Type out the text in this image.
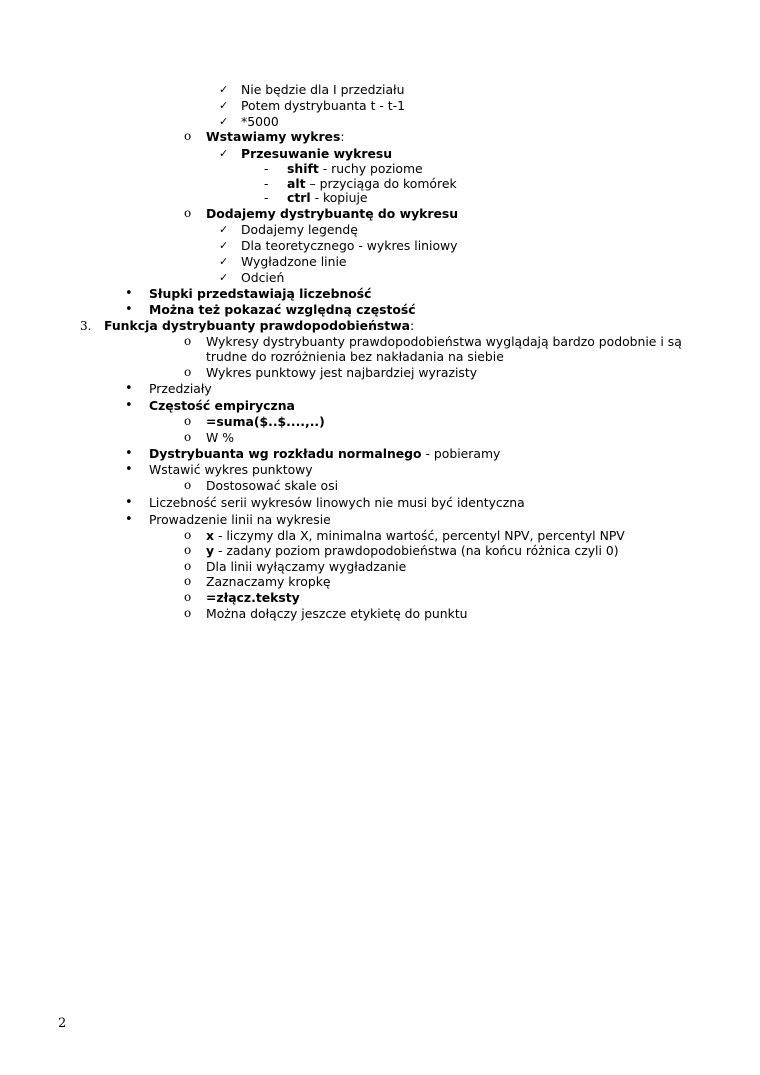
✓ Nie będzie dla I przedziału
✓ Potem dystrybuanta t - t-1
✓ *5000
o Wstawiamy wykres:
✓ Przesuwanie wykresu
- shift - ruchy poziome
- alt – przyciąga do komórek
- ctrl - kopiuje
o Dodajemy dystrybuantę do wykresu
✓ Dodajemy legendę
✓ Dla teoretycznego - wykres liniowy
✓ Wygładzone linie
✓ Odcień
• Słupki przedstawiają liczebność
• Można też pokazać względną częstość
3. Funkcja dystrybuanty prawdopodobieństwa:
o Wykresy dystrybuanty prawdopodobieństwa wyglądają bardzo podobnie i są
trudne do rozróżnienia bez nakładania na siebie
o Wykres punktowy jest najbardziej wyrazisty
• Przedziały
• Częstość empiryczna
o =suma($..$....,..)
o W %
• Dystrybuanta wg rozkładu normalnego - pobieramy
• Wstawić wykres punktowy
o Dostosować skale osi
• Liczebność serii wykresów linowych nie musi być identyczna
• Prowadzenie linii na wykresie
o x - liczymy dla X, minimalna wartość, percentyl NPV, percentyl NPV
o y - zadany poziom prawdopodobieństwa (na końcu różnica czyli 0)
o Dla linii wyłączamy wygładzanie
o Zaznaczamy kropkę
o =złącz.teksty
o Można dołączy jeszcze etykietę do punktu
2
